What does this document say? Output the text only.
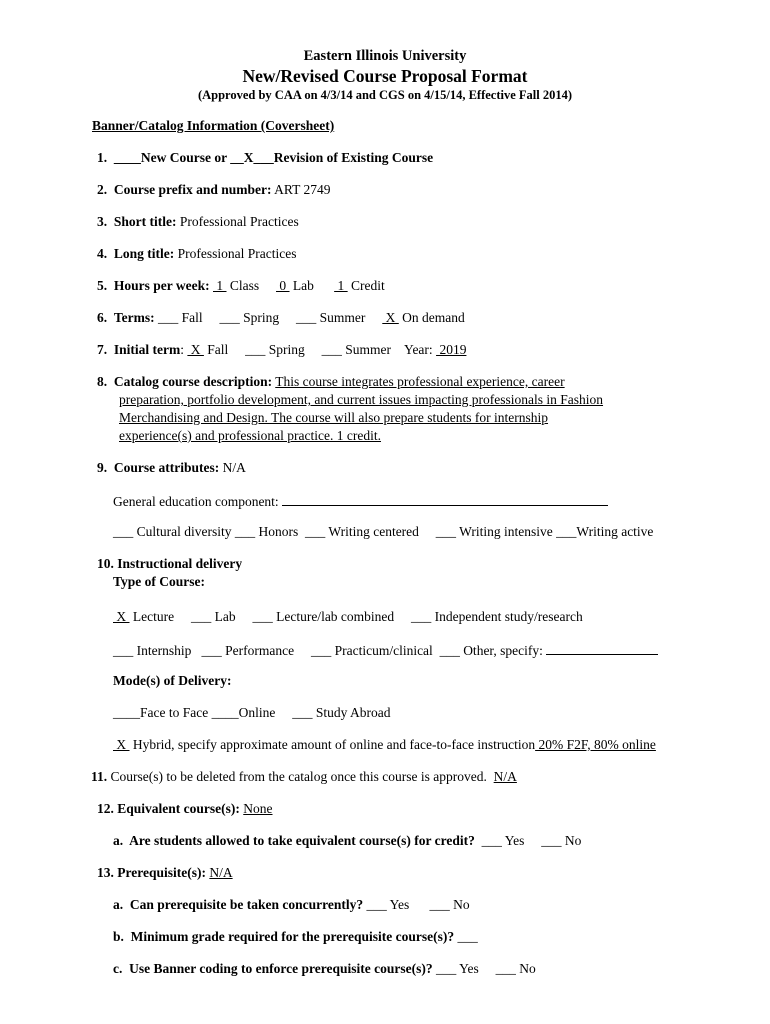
Eastern Illinois University
New/Revised Course Proposal Format
(Approved by CAA on 4/3/14 and CGS on 4/15/14, Effective Fall 2014)
Banner/Catalog Information (Coversheet)
1. ____New Course or __X___Revision of Existing Course
2. Course prefix and number: ART 2749
3. Short title: Professional Practices
4. Long title: Professional Practices
5. Hours per week:  1  Class      0  Lab       1  Credit
6. Terms: ___ Fall ___ Spring ___ Summer      X  On demand
7. Initial term:  X  Fall ___ Spring ___ Summer Year:  2019
8. Catalog course description: This course integrates professional experience, career
preparation, portfolio development, and current issues impacting professionals in Fashion
Merchandising and Design. The course will also prepare students for internship
experience(s) and professional practice. 1 credit.
9. Course attributes: N/A
General education component:
___ Cultural diversity ___ Honors ___ Writing centered ___ Writing intensive ___Writing active
10. Instructional delivery
Type of Course:
X  Lecture ___ Lab ___ Lecture/lab combined ___ Independent study/research
___ Internship ___ Performance ___ Practicum/clinical ___ Other, specify:
Mode(s) of Delivery:
____Face to Face ____Online ___ Study Abroad
X  Hybrid, specify approximate amount of online and face-to-face instruction 20% F2F, 80% online
11. Course(s) to be deleted from the catalog once this course is approved. N/A
12. Equivalent course(s): None
a.  Are students allowed to take equivalent course(s) for credit? ___ Yes ___ No
13. Prerequisite(s): N/A
a.  Can prerequisite be taken concurrently? ___ Yes ___ No
b.  Minimum grade required for the prerequisite course(s)? ___
c.  Use Banner coding to enforce prerequisite course(s)? ___ Yes ___ No
